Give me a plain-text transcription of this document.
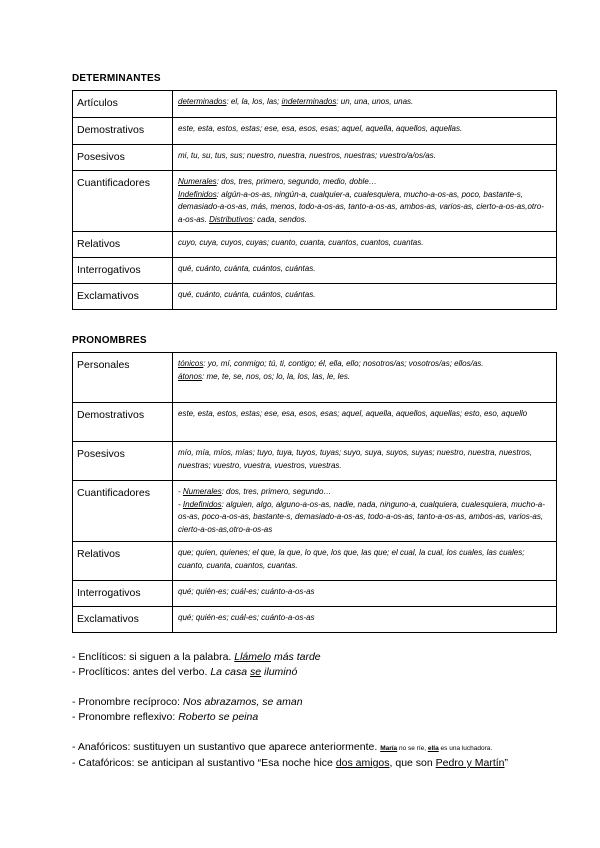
DETERMINANTES
Artículos	determinados: el, la, los, las; indeterminados: un, una, unos, unas.
Demostrativos	este, esta, estos, estas; ese, esa, esos, esas; aquel, aquella, aquellos, aquellas.
Posesivos	mi, tu, su, tus, sus; nuestro, nuestra, nuestros, nuestras; vuestro/a/os/as.
Cuantificadores	Numerales: dos, tres, primero, segundo, medio, doble…
Indefinidos: algún-a-os-as, ningún-a, cualquier-a, cualesquiera, mucho-a-os-as, poco, bastante-s, demasiado-a-os-as, más, menos, todo-a-os-as, tanto-a-os-as, ambos-as, varios-as, cierto-a-os-as,otro-a-os-as. Distributivos: cada, sendos.
Relativos	cuyo, cuya, cuyos, cuyas; cuanto, cuanta, cuantos, cuantos, cuantas.
Interrogativos	qué, cuánto, cuánta, cuántos, cuántas.
Exclamativos	qué, cuánto, cuánta, cuántos, cuántas.
PRONOMBRES
Personales	tónicos: yo, mí, conmigo; tú, ti, contigo; él, ella, ello; nosotros/as; vosotros/as; ellos/as.
átonos: me, te, se, nos, os; lo, la, los, las, le, les.
Demostrativos	este, esta, estos, estas; ese, esa, esos, esas; aquel, aquella, aquellos, aquellas; esto, eso, aquello
Posesivos	mío, mía, míos, mías; tuyo, tuya, tuyos, tuyas; suyo, suya, suyos, suyas; nuestro, nuestra, nuestros, nuestras; vuestro, vuestra, vuestros, vuestras.
Cuantificadores	- Numerales: dos, tres, primero, segundo…
- Indefinidos: alguien, algo, alguno-a-os-as, nadie, nada, ninguno-a, cualquiera, cualesquiera, mucho-a-os-as, poco-a-os-as, bastante-s, demasiado-a-os-as, todo-a-os-as, tanto-a-os-as, ambos-as, varios-as, cierto-a-os-as,otro-a-os-as
Relativos	que; quien, quienes; el que, la que, lo que, los que, las que; el cual, la cual, los cuales, las cuales; cuanto, cuanta, cuantos, cuantas.
Interrogativos	qué; quién-es; cuál-es; cuánto-a-os-as
Exclamativos	qué; quién-es; cuál-es; cuánto-a-os-as
- Enclíticos: si siguen a la palabra. Llámelo más tarde
- Proclíticos: antes del verbo. La casa se iluminó

- Pronombre recíproco: Nos abrazamos, se aman
- Pronombre reflexivo: Roberto se peina

- Anafóricos: sustituyen un sustantivo que aparece anteriormente. María no se ríe, ella es una luchadora.
- Catafóricos: se anticipan al sustantivo “Esa noche hice dos amigos, que son Pedro y Martín”
